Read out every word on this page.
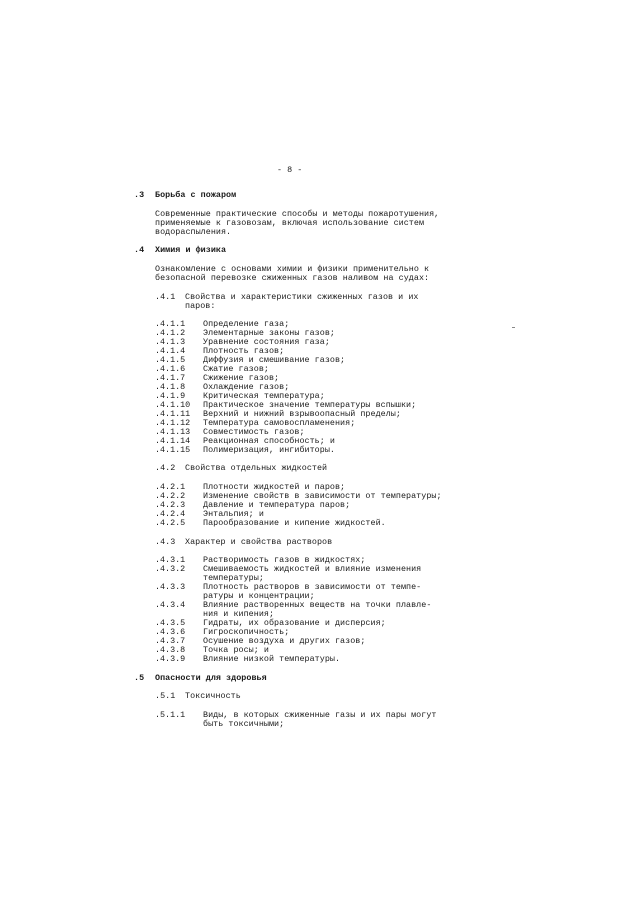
- 8 -
.3 Борьба с пожаром
Современные практические способы и методы пожаротушения,
применяемые к газовозам, включая использование систем
водораспыления.
.4 Химия и физика
Ознакомление с основами химии и физики применительно к
безопасной перевозке сжиженных газов наливом на судах:
.4.1 Свойства и характеристики сжиженных газов и их
паров:
.4.1.1 Определение газа;
.4.1.2 Элементарные законы газов;
.4.1.3 Уравнение состояния газа;
.4.1.4 Плотность газов;
.4.1.5 Диффузия и смешивание газов;
.4.1.6 Сжатие газов;
.4.1.7 Сжижение газов;
.4.1.8 Охлаждение газов;
.4.1.9 Критическая температура;
.4.1.10 Практическое значение температуры вспышки;
.4.1.11 Верхний и нижний взрывоопасный пределы;
.4.1.12 Температура самовоспламенения;
.4.1.13 Совместимость газов;
.4.1.14 Реакционная способность; и
.4.1.15 Полимеризация, ингибиторы.
.4.2 Свойства отдельных жидкостей
.4.2.1 Плотности жидкостей и паров;
.4.2.2 Изменение свойств в зависимости от температуры;
.4.2.3 Давление и температура паров;
.4.2.4 Энтальпия; и
.4.2.5 Парообразование и кипение жидкостей.
.4.3 Характер и свойства растворов
.4.3.1 Растворимость газов в жидкостях;
.4.3.2 Смешиваемость жидкостей и влияние изменения
температуры;
.4.3.3 Плотность растворов в зависимости от темпе-
ратуры и концентрации;
.4.3.4 Влияние растворенных веществ на точки плавле-
ния и кипения;
.4.3.5 Гидраты, их образование и дисперсия;
.4.3.6 Гигроскопичность;
.4.3.7 Осушение воздуха и других газов;
.4.3.8 Точка росы; и
.4.3.9 Влияние низкой температуры.
.5 Опасности для здоровья
.5.1 Токсичность
.5.1.1 Виды, в которых сжиженные газы и их пары могут
быть токсичными;
